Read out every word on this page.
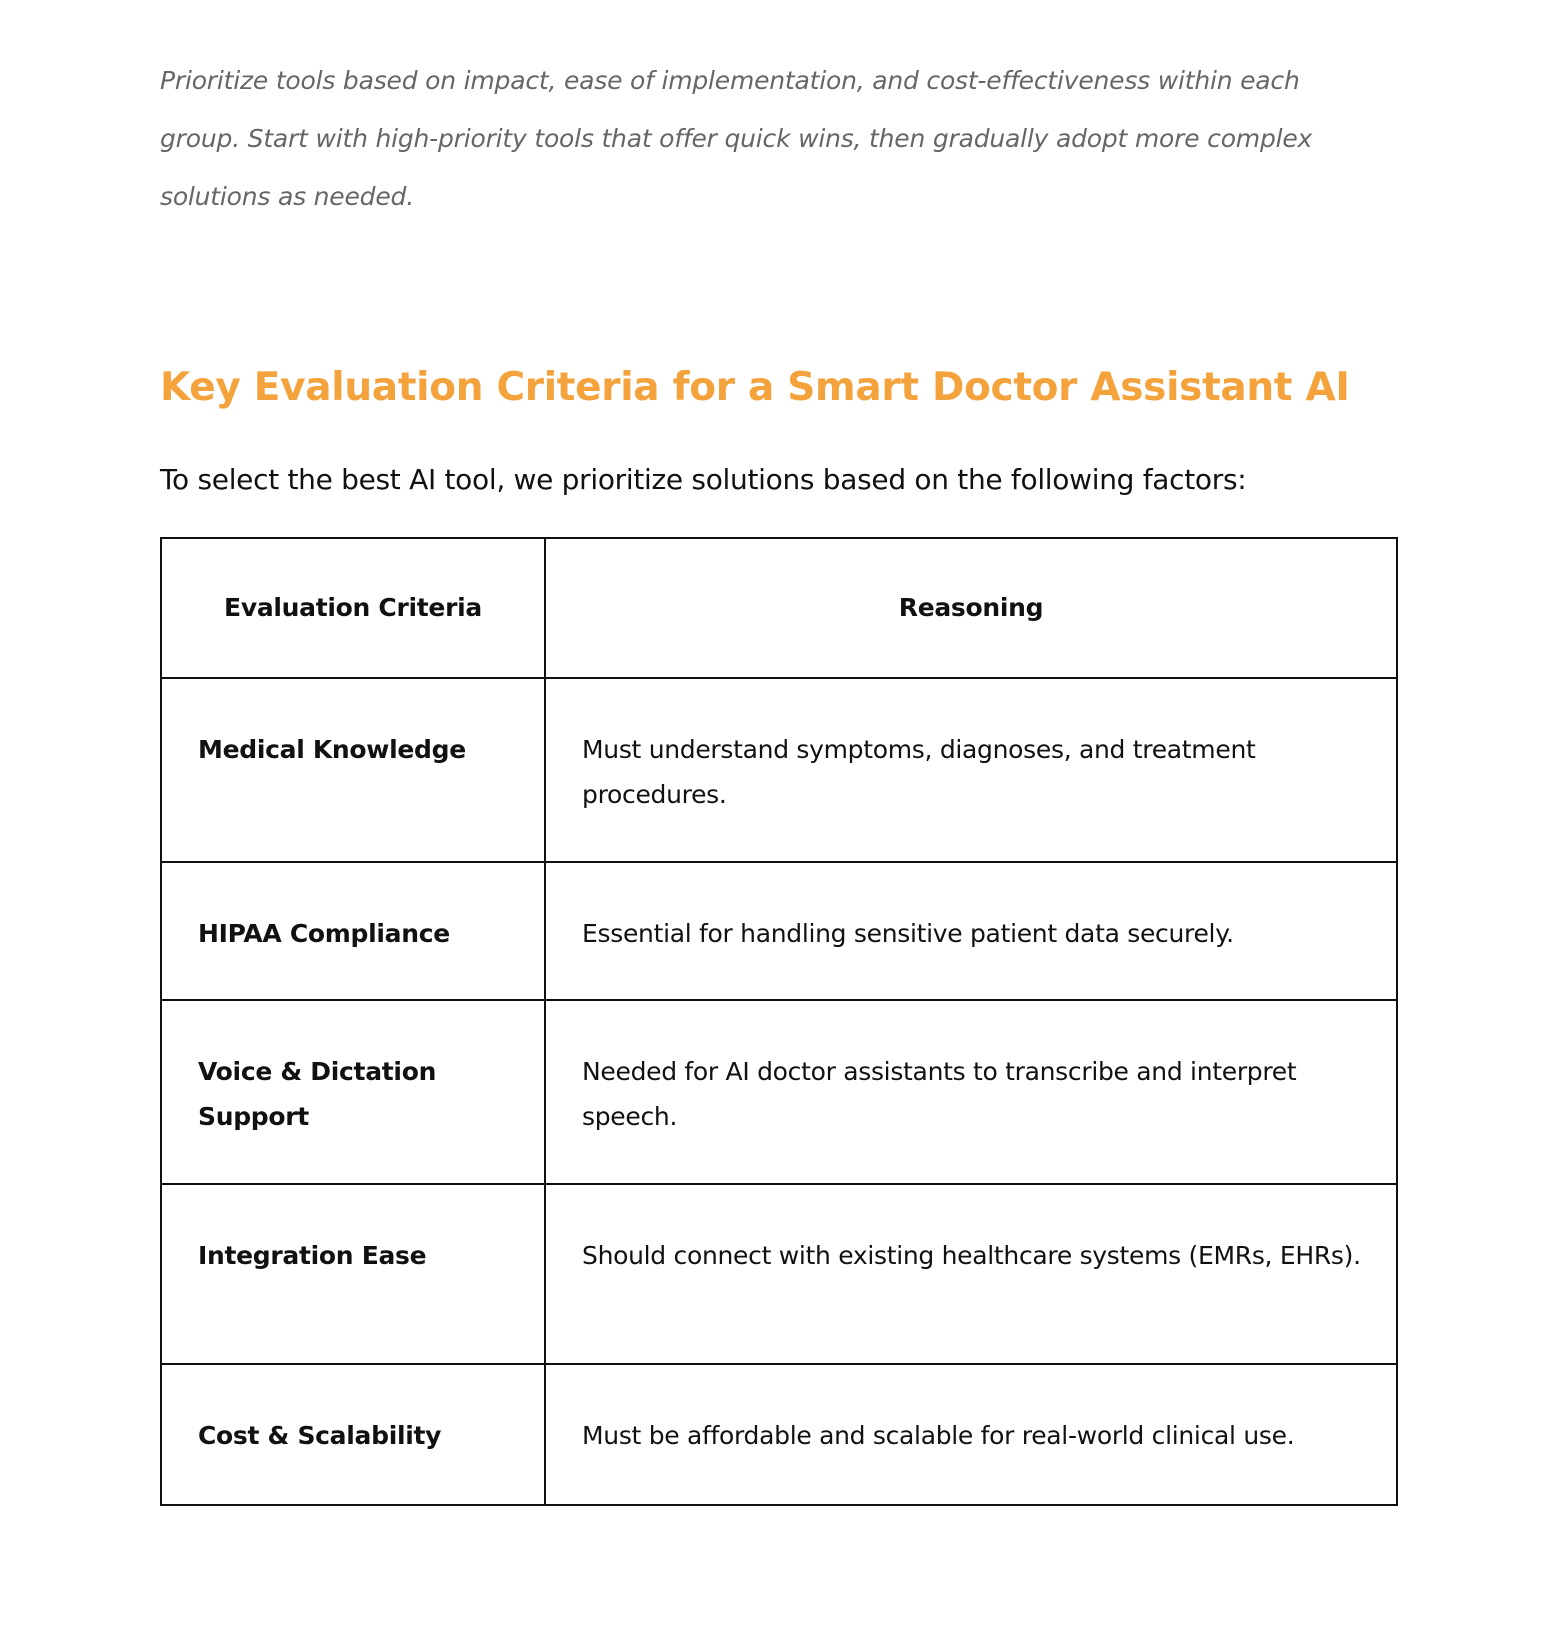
Prioritize tools based on impact, ease of implementation, and cost-effectiveness within each group. Start with high-priority tools that offer quick wins, then gradually adopt more complex solutions as needed.

Key Evaluation Criteria for a Smart Doctor Assistant AI

To select the best AI tool, we prioritize solutions based on the following factors:

Evaluation Criteria	Reasoning
Medical Knowledge	Must understand symptoms, diagnoses, and treatment procedures.
HIPAA Compliance	Essential for handling sensitive patient data securely.
Voice & Dictation Support	Needed for AI doctor assistants to transcribe and interpret speech.
Integration Ease	Should connect with existing healthcare systems (EMRs, EHRs).
Cost & Scalability	Must be affordable and scalable for real-world clinical use.
